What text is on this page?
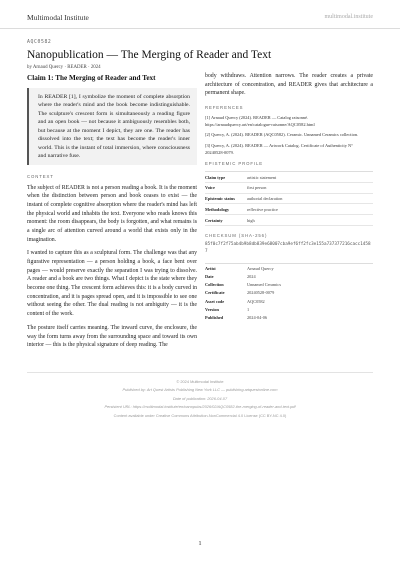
Multimodal Institute	multimodal.institute
AQC0582
Nanopublication — The Merging of Reader and Text
by Arnaud Quercy · READER · 2024
Claim 1: The Merging of Reader and Text
In READER [1], I symbolize the moment of complete absorption where the reader's mind and the book become indistinguishable. The sculpture's crescent form is simultaneously a reading figure and an open book — not because it ambiguously resembles both, but because at the moment I depict, they are one. The reader has dissolved into the text; the text has become the reader's inner world. This is the instant of total immersion, where consciousness and narrative fuse.
CONTEXT
The subject of READER is not a person reading a book. It is the moment when the distinction between person and book ceases to exist — the instant of complete cognitive absorption where the reader's mind has left the physical world and inhabits the text. Everyone who reads knows this moment: the room disappears, the body is forgotten, and what remains is a single arc of attention curved around a world that exists only in the imagination.
I wanted to capture this as a sculptural form. The challenge was that any figurative representation — a person holding a book, a face bent over pages — would preserve exactly the separation I was trying to dissolve. A reader and a book are two things. What I depict is the state where they become one thing. The crescent form achieves this: it is a body curved in concentration, and it is pages spread open, and it is impossible to see one without seeing the other. The dual reading is not ambiguity — it is the content of the work.
The posture itself carries meaning. The inward curve, the enclosure, the way the form turns away from the surrounding space and toward its own interior — this is the physical signature of deep reading. The
body withdraws. Attention narrows. The reader creates a private architecture of concentration, and READER gives that architecture a permanent shape.
REFERENCES
[1] Arnaud Quercy (2024). READER — Catalog raisonné. https://arnaudquercy.art/en/catalogue-raisonne/AQC0582.html
[2] Quercy, A. (2024). READER (AQC0582). Ceramic. Unnamed Ceramics collection.
[3] Quercy, A. (2024). READER — Artwork Catalog. Certificate of Authenticity N° 20240528-0079.
EPISTEMIC PROFILE
Claim type	artistic statement
Voice	first person
Epistemic status	authorial declaration
Methodology	reflective practice
Certainty	high
CHECKSUM (SHA-256)
85f0c7f2f75ab4b9b8db839e68007cba9ef6ff2fc3e155a737377216cacc14587
Artist	Arnaud Quercy
Date	2024
Collection	Unnamed Ceramics
Certificate	20240528-0079
Asset code	AQC0582
Version	1
Published	2024-04-06
© 2024 Multimodal Institute
Published by: Art Quest Artists Publishing New York LLC — publishing.artquestonline.com
Date of publication: 2026-04-07
Persistent URL: https://multimodal.institute/en/nanopubs/2026/02/AQC0582-the-merging-of-reader-and-text.pdf
Content available under Creative Commons Attribution-NonCommercial 4.0 License (CC BY-NC 4.0)
1
